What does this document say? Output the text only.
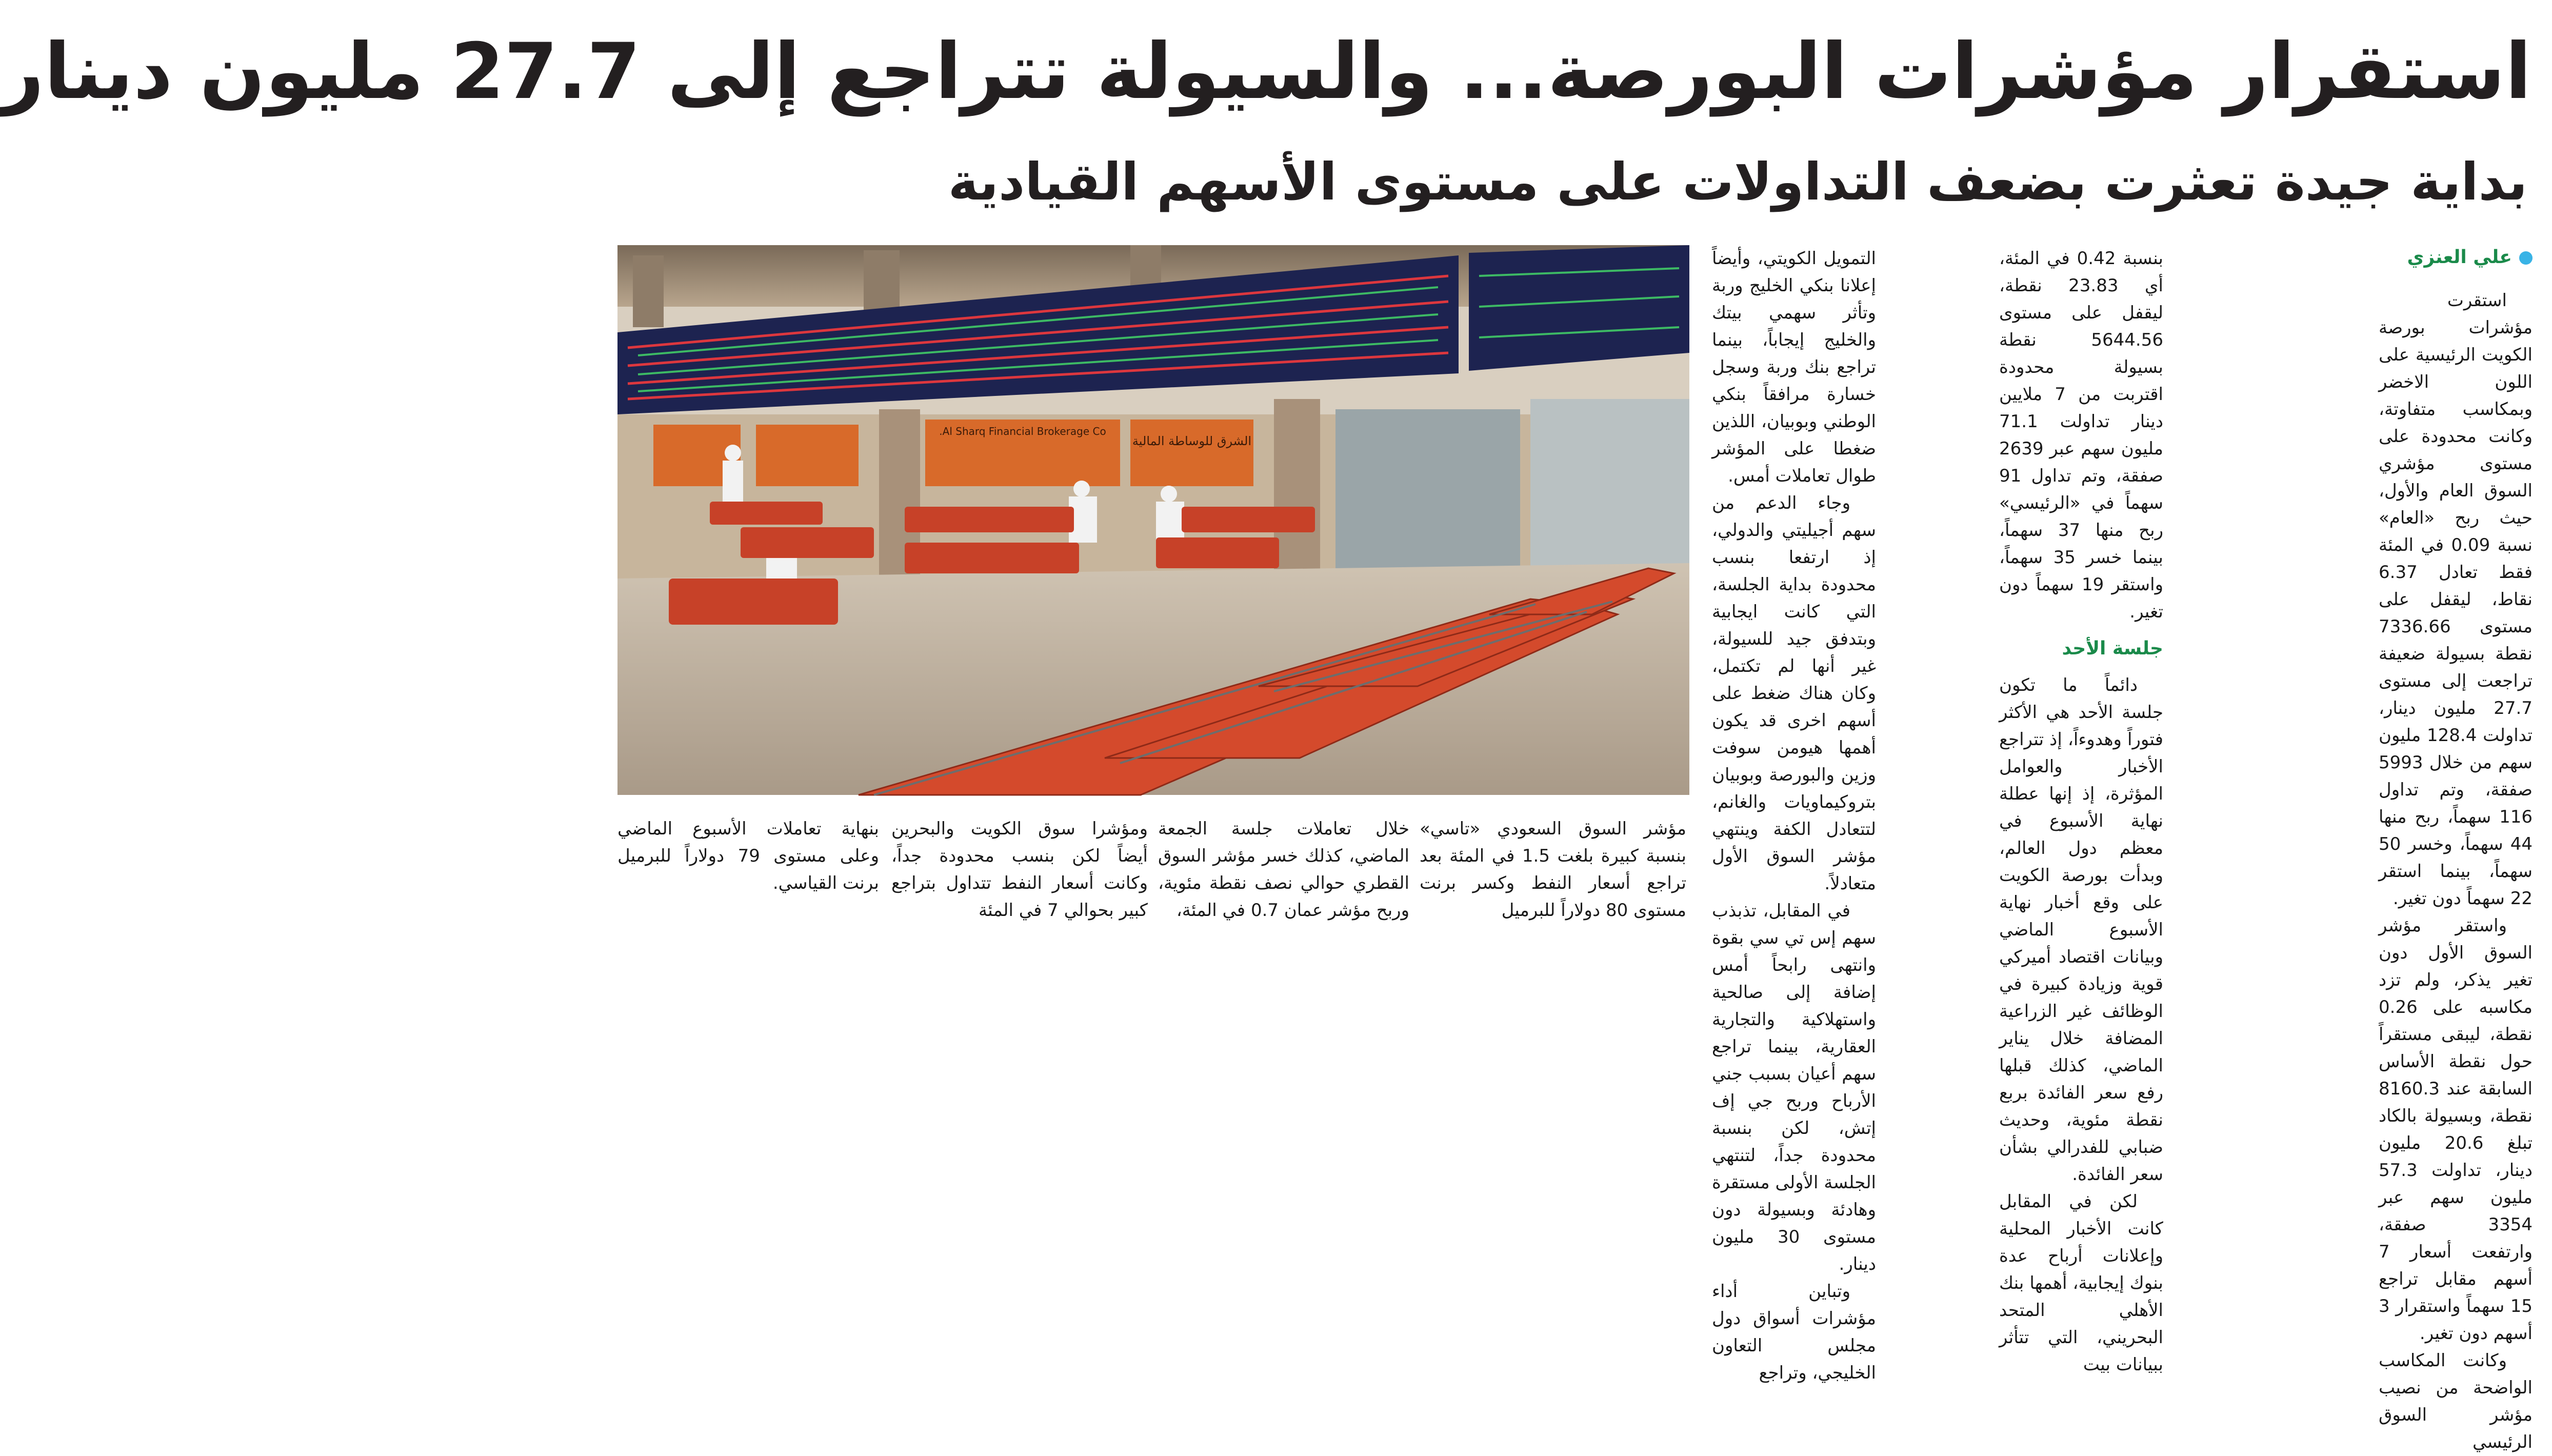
استقرار مؤشرات البورصة... والسيولة تتراجع إلى 27.7 مليون دينار
بداية جيدة تعثرت بضعف التداولات على مستوى الأسهم القيادية
Al Sharq Financial Brokerage Co.
الشرق للوساطة المالية
علي العنزي

استقرت مؤشرات بورصة الكويت الرئيسية على اللون الاخضر وبمكاسب متفاوتة، وكانت محدودة على مستوى مؤشري السوق العام والأول، حيث ربح «العام» نسبة 0.09 في المئة فقط تعادل 6.37 نقاط، ليقفل على مستوى 7336.66 نقطة بسيولة ضعيفة تراجعت إلى مستوى 27.7 مليون دينار، تداولت 128.4 مليون سهم من خلال 5993 صفقة، وتم تداول 116 سهماً، ربح منها 44 سهماً، وخسر 50 سهماً، بينما استقر 22 سهماً دون تغير.

واستقر مؤشر السوق الأول دون تغير يذكر، ولم تزد مكاسبه على 0.26 نقطة، ليبقى مستقراً حول نقطة الأساس السابقة عند 8160.3 نقطة، وبسيولة بالكاد تبلغ 20.6 مليون دينار، تداولت 57.3 مليون سهم عبر 3354 صفقة، وارتفعت أسعار 7 أسهم مقابل تراجع 15 سهماً واستقرار 3 أسهم دون تغير.

وكانت المكاسب الواضحة من نصيب مؤشر السوق الرئيسي

بنسبة 0.42 في المئة، أي 23.83 نقطة، ليقفل على مستوى 5644.56 نقطة بسيولة محدودة اقتربت من 7 ملايين دينار تداولت 71.1 مليون سهم عبر 2639 صفقة، وتم تداول 91 سهماً في «الرئيسي» ربح منها 37 سهماً، بينما خسر 35 سهماً، واستقر 19 سهماً دون تغير.

جلسة الأحد

دائماً ما تكون جلسة الأحد هي الأكثر فتوراً وهدوءاً، إذ تتراجع الأخبار والعوامل المؤثرة، إذ إنها عطلة نهاية الأسبوع في معظم دول العالم، وبدأت بورصة الكويت على وقع أخبار نهاية الأسبوع الماضي وبيانات اقتصاد أميركي قوية وزيادة كبيرة في الوظائف غير الزراعية المضافة خلال يناير الماضي، كذلك قبلها رفع سعر الفائدة بربع نقطة مئوية، وحديث ضبابي للفدرالي بشأن سعر الفائدة.

لكن في المقابل كانت الأخبار المحلية وإعلانات أرباح عدة بنوك إيجابية، أهمها بنك الأهلي المتحد البحريني، التي تتأثر ببيانات بيت

التمويل الكويتي، وأيضاً إعلانا بنكي الخليج وربة وتأثر سهمي بيتك والخليج إيجاباً، بينما تراجع بنك وربة وسجل خسارة مرافقاً بنكي الوطني وبوبيان، اللذين ضغطا على المؤشر طوال تعاملات أمس.

وجاء الدعم من سهم أجيليتي والدولي، إذ ارتفعا بنسب محدودة بداية الجلسة، التي كانت ايجابية وبتدفق جيد للسيولة، غير أنها لم تكتمل، وكان هناك ضغط على أسهم اخرى قد يكون أهمها هيومن سوفت وزين والبورصة وبوبيان بتروكيماويات والغانم، لتتعادل الكفة وينتهي مؤشر السوق الأول متعادلاً.

في المقابل، تذبذب سهم إس تي سي بقوة وانتهى رابحاً أمس إضافة إلى صالحية واستهلاكية والتجارية العقارية، بينما تراجع سهم أعيان بسبب جني الأرباح وربح جي إف إتش، لكن بنسبة محدودة جداً، لتنتهي الجلسة الأولى مستقرة وهادئة وبسيولة دون مستوى 30 مليون دينار.

وتباين أداء مؤشرات أسواق دول مجلس التعاون الخليجي، وتراجع

مؤشر السوق السعودي «تاسي» بنسبة كبيرة بلغت 1.5 في المئة بعد تراجع أسعار النفط وكسر برنت مستوى 80 دولاراً للبرميل

خلال تعاملات جلسة الجمعة الماضي، كذلك خسر مؤشر السوق القطري حوالي نصف نقطة مئوية، وربح مؤشر عمان 0.7 في المئة،

ومؤشرا سوق الكويت والبحرين أيضاً لكن بنسب محدودة جداً، وكانت أسعار النفط تتداول بتراجع كبير بحوالي 7 في المئة

بنهاية تعاملات الأسبوع الماضي وعلى مستوى 79 دولاراً للبرميل برنت القياسي.
